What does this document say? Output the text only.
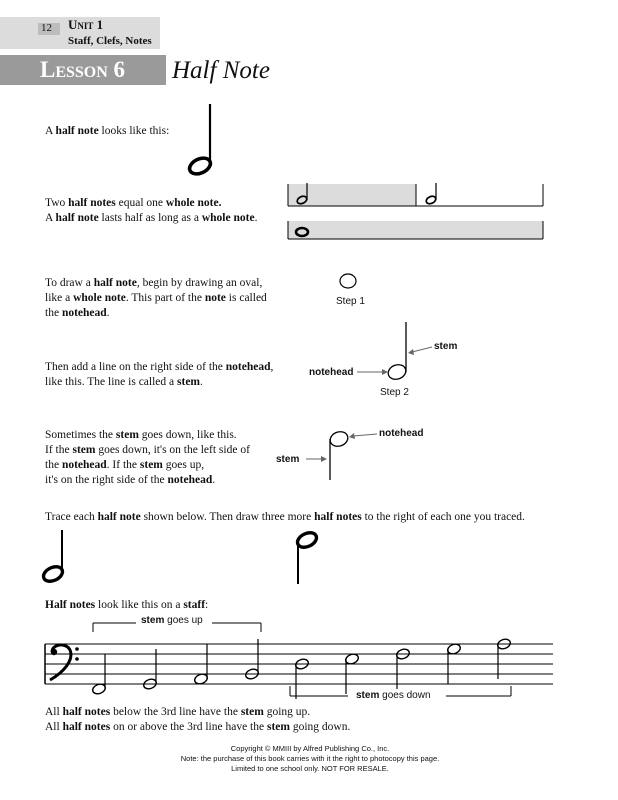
12 Unit 1
Staff, Clefs, Notes
Lesson 6 Half Note
A half note looks like this:
Two half notes equal one whole note.
A half note lasts half as long as a whole note.
To draw a half note, begin by drawing an oval,
like a whole note. This part of the note is called
the notehead.
Step 1
Then add a line on the right side of the notehead,
like this. The line is called a stem.
stem
notehead
Step 2
Sometimes the stem goes down, like this.
If the stem goes down, it's on the left side of
the notehead. If the stem goes up,
it's on the right side of the notehead.
notehead
stem
Trace each half note shown below. Then draw three more half notes to the right of each one you traced.
Half notes look like this on a staff:
stem goes up
stem goes down
All half notes below the 3rd line have the stem going up.
All half notes on or above the 3rd line have the stem going down.
Copyright © MMIII by Alfred Publishing Co., Inc.
Note: the purchase of this book carries with it the right to photocopy this page.
Limited to one school only. NOT FOR RESALE.
